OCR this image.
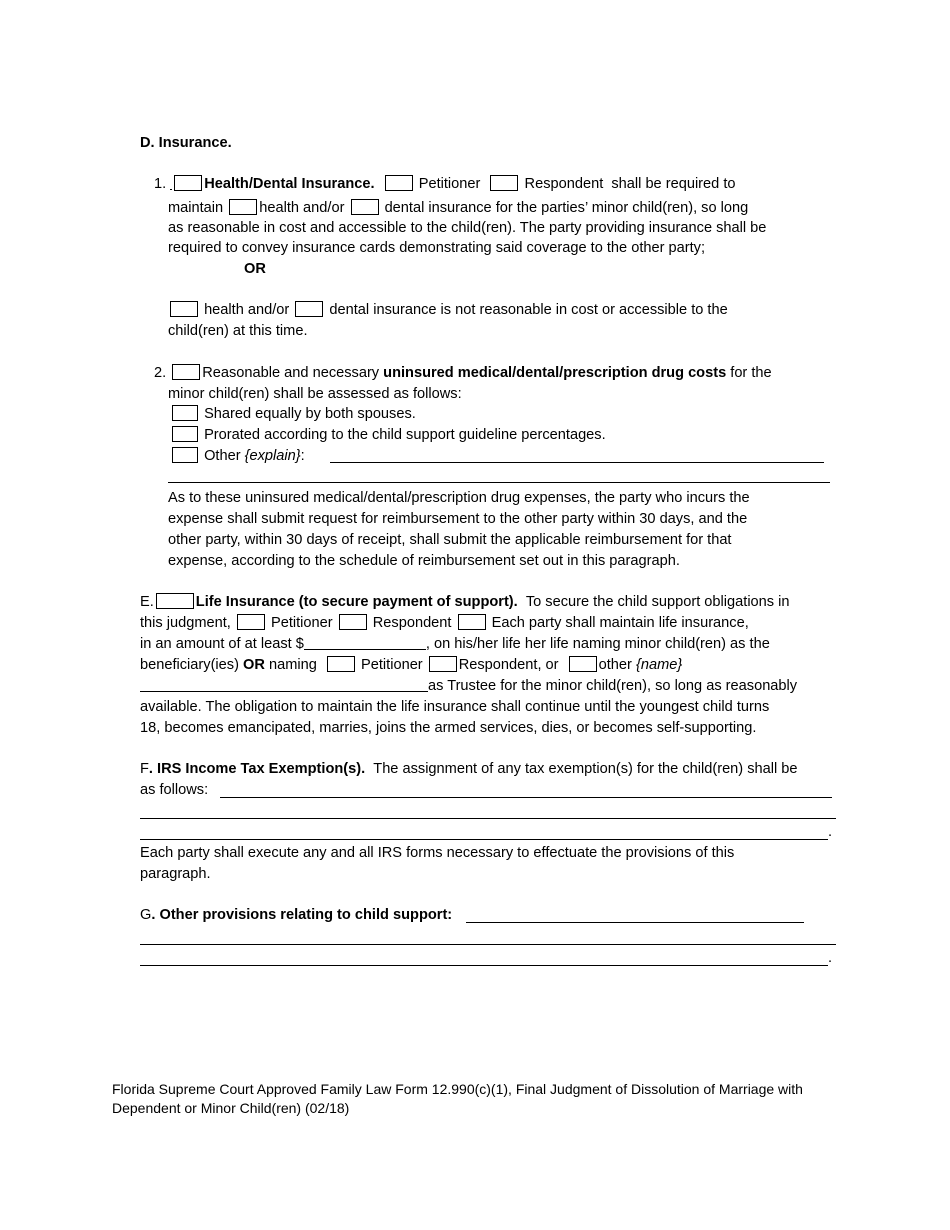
D. Insurance.
1.	Health/Dental Insurance.	Petitioner	Respondent shall be required to
maintain health and/or	dental insurance for the parties’ minor child(ren), so long
as reasonable in cost and accessible to the child(ren). The party providing insurance shall be
required to convey insurance cards demonstrating said coverage to the other party;
OR
health and/or	dental insurance is not reasonable in cost or accessible to the
child(ren) at this time.
2. Reasonable and necessary uninsured medical/dental/prescription drug costs for the
minor child(ren) shall be assessed as follows:
Shared equally by both spouses.
Prorated according to the child support guideline percentages.
Other {explain}:
As to these uninsured medical/dental/prescription drug expenses, the party who incurs the
expense shall submit request for reimbursement to the other party within 30 days, and the
other party, within 30 days of receipt, shall submit the applicable reimbursement for that
expense, according to the schedule of reimbursement set out in this paragraph.
E.	Life Insurance (to secure payment of support). To secure the child support obligations in
this judgment,	Petitioner	Respondent	Each party shall maintain life insurance,
in an amount of at least $	, on his/her life her life naming minor child(ren) as the
beneficiary(ies) OR naming	Petitioner Respondent, or	other {name}
as Trustee for the minor child(ren), so long as reasonably
available. The obligation to maintain the life insurance shall continue until the youngest child turns
18, becomes emancipated, marries, joins the armed services, dies, or becomes self-supporting.
F. IRS Income Tax Exemption(s). The assignment of any tax exemption(s) for the child(ren) shall be
as follows:
.
Each party shall execute any and all IRS forms necessary to effectuate the provisions of this
paragraph.
G. Other provisions relating to child support:
.
Florida Supreme Court Approved Family Law Form 12.990(c)(1), Final Judgment of Dissolution of Marriage with
Dependent or Minor Child(ren) (02/18)
